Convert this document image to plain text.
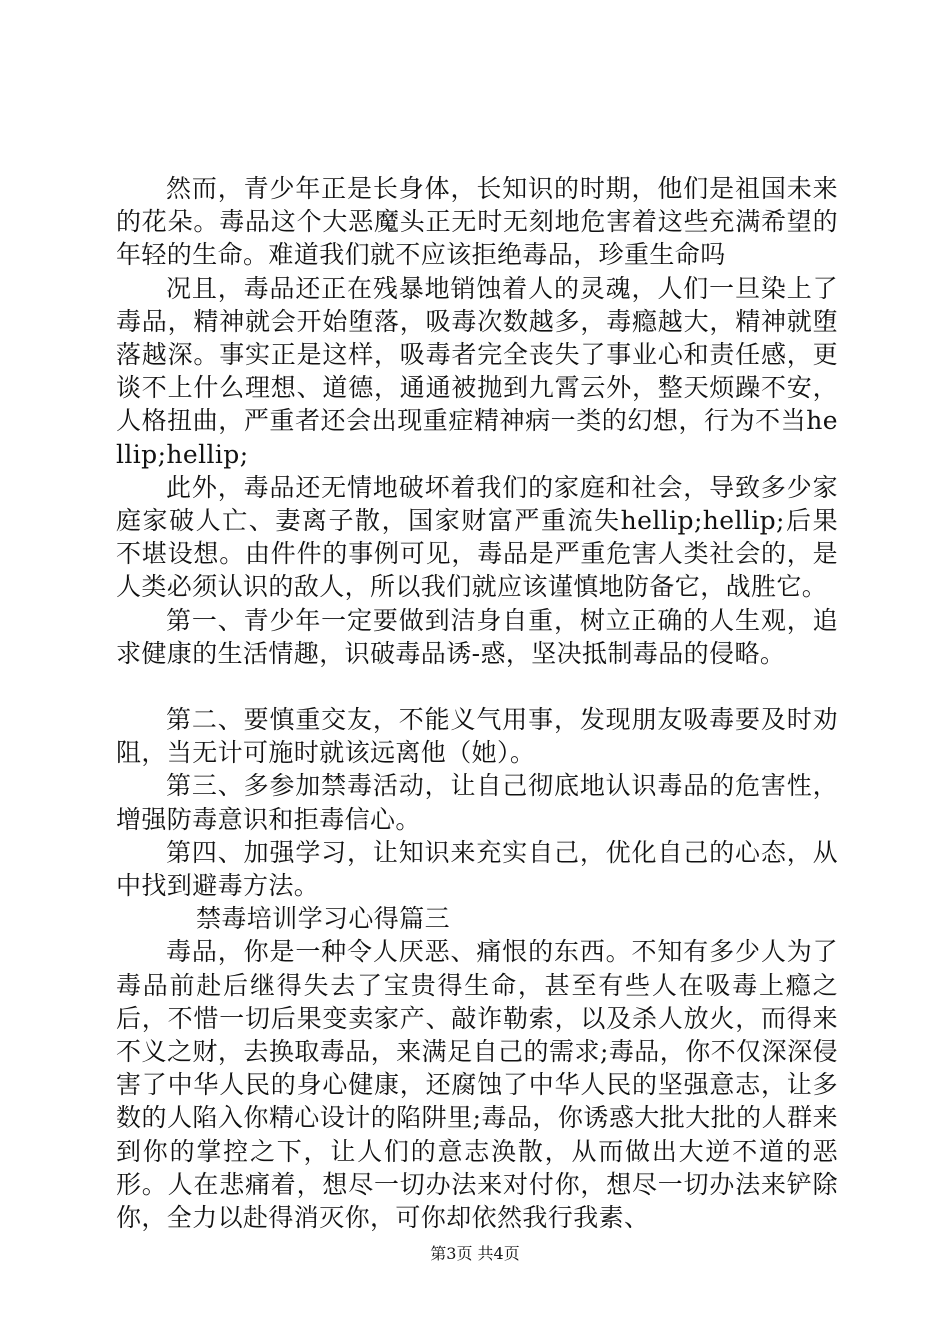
然而，青少年正是长身体，长知识的时期，他们是祖国未来的花朵。毒品这个大恶魔头正无时无刻地危害着这些充满希望的年轻的生命。难道我们就不应该拒绝毒品，珍重生命吗

况且，毒品还正在残暴地销蚀着人的灵魂，人们一旦染上了毒品，精神就会开始堕落，吸毒次数越多，毒瘾越大，精神就堕落越深。事实正是这样，吸毒者完全丧失了事业心和责任感，更谈不上什么理想、道德，通通被抛到九霄云外，整天烦躁不安，人格扭曲，严重者还会出现重症精神病一类的幻想，行为不当hellip;hellip;

此外，毒品还无情地破坏着我们的家庭和社会，导致多少家庭家破人亡、妻离子散，国家财富严重流失hellip;hellip;后果不堪设想。由件件的事例可见，毒品是严重危害人类社会的，是人类必须认识的敌人，所以我们就应该谨慎地防备它，战胜它。

第一、青少年一定要做到洁身自重，树立正确的人生观，追求健康的生活情趣，识破毒品诱-惑，坚决抵制毒品的侵略。

第二、要慎重交友，不能义气用事，发现朋友吸毒要及时劝阻，当无计可施时就该远离他（她）。

第三、多参加禁毒活动，让自己彻底地认识毒品的危害性，增强防毒意识和拒毒信心。

第四、加强学习，让知识来充实自己，优化自己的心态，从中找到避毒方法。

禁毒培训学习心得篇三

毒品，你是一种令人厌恶、痛恨的东西。不知有多少人为了毒品前赴后继得失去了宝贵得生命，甚至有些人在吸毒上瘾之后，不惜一切后果变卖家产、敲诈勒索，以及杀人放火，而得来不义之财，去换取毒品，来满足自己的需求;毒品，你不仅深深侵害了中华人民的身心健康，还腐蚀了中华人民的坚强意志，让多数的人陷入你精心设计的陷阱里;毒品，你诱惑大批大批的人群来到你的掌控之下，让人们的意志涣散，从而做出大逆不道的恶形。人在悲痛着，想尽一切办法来对付你，想尽一切办法来铲除你，全力以赴得消灭你，可你却依然我行我素、

第3页 共4页
